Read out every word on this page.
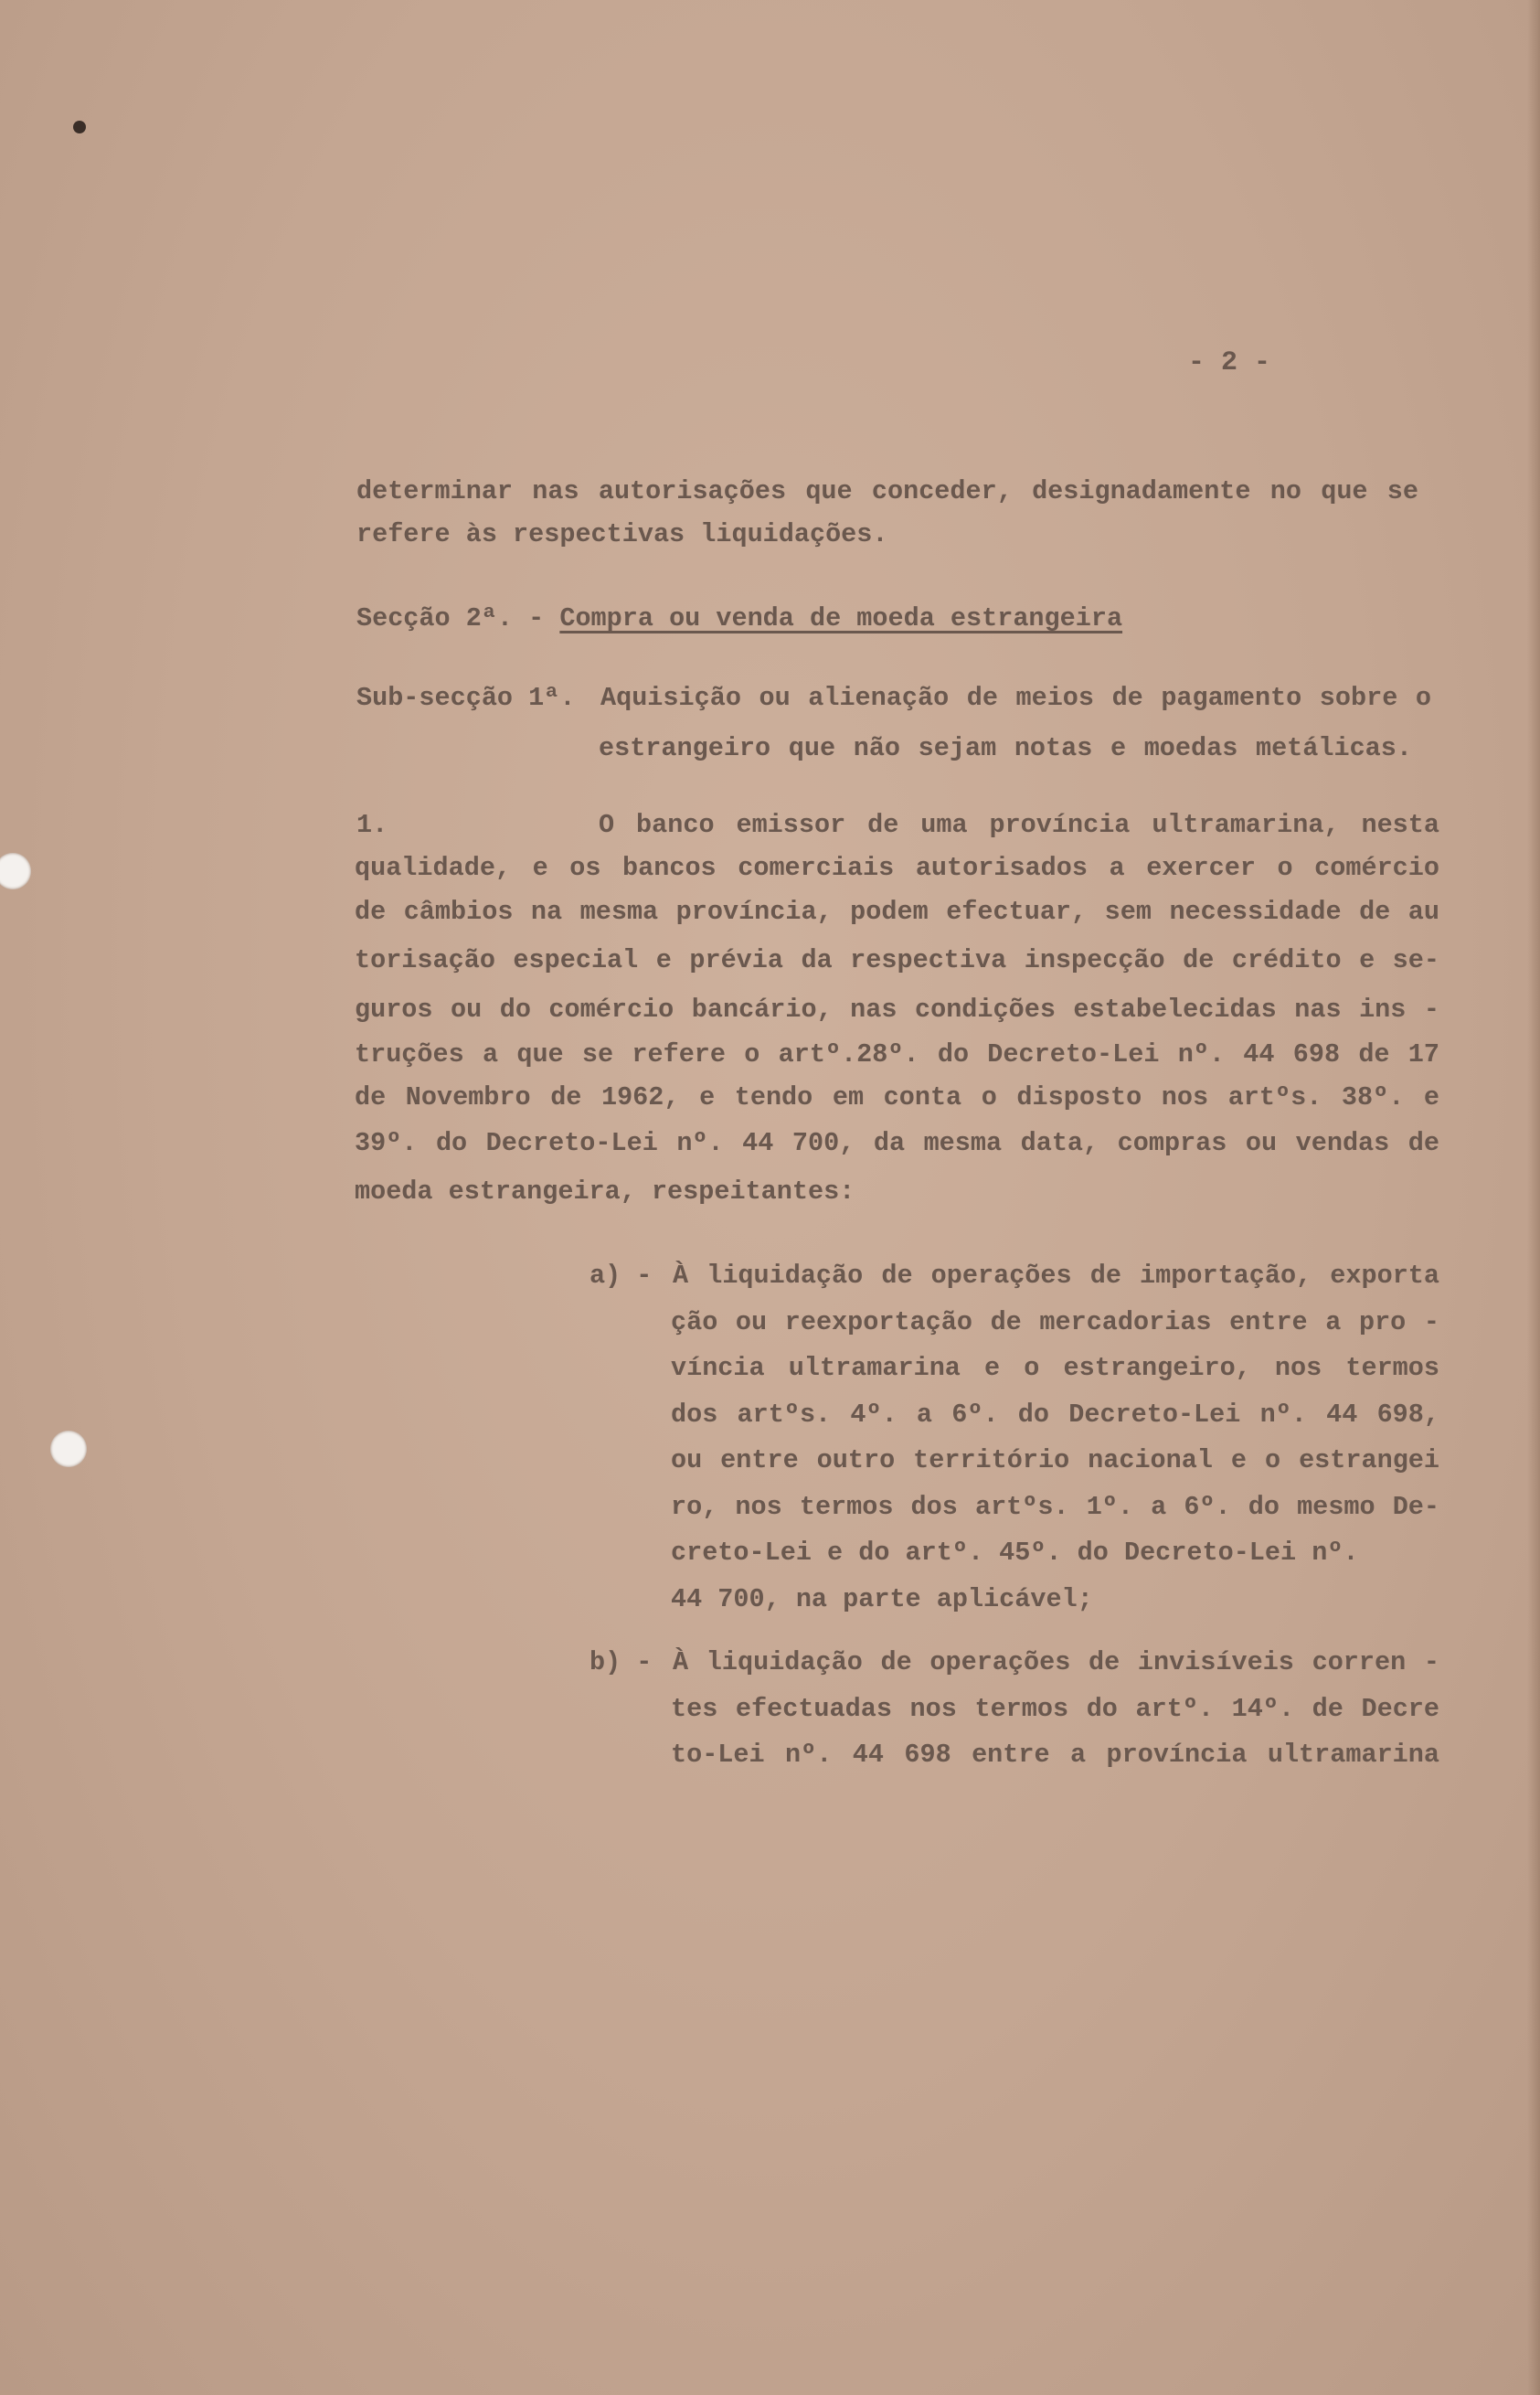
- 2 -
determinar nas autorisações que conceder, designadamente no que se
refere às respectivas liquidações.
Aquisição ou alienação de meios de pagamento sobre o
estrangeiro que não sejam notas e moedas metálicas.
O banco emissor de uma província ultramarina, nesta
qualidade, e os bancos comerciais autorisados a exercer o comércio
de câmbios na mesma província, podem efectuar, sem necessidade de au
torisação especial e prévia da respectiva inspecção de crédito e se-
guros ou do comércio bancário, nas condições estabelecidas nas ins -
truções a que se refere o artº.28º. do Decreto-Lei nº. 44 698 de 17
de Novembro de 1962, e tendo em conta o disposto nos artºs. 38º. e
39º. do Decreto-Lei nº. 44 700, da mesma data, compras ou vendas de
moeda estrangeira, respeitantes:
a) - À liquidação de operações de importação, exporta
ção ou reexportação de mercadorias entre a pro -
víncia ultramarina e o estrangeiro, nos termos
dos artºs. 4º. a 6º. do Decreto-Lei nº. 44 698,
ou entre outro território nacional e o estrangei
ro, nos termos dos artºs. 1º. a 6º. do mesmo De-
creto-Lei e do artº. 45º. do Decreto-Lei nº.
44 700, na parte aplicável;
b) - À liquidação de operações de invisíveis corren -
tes efectuadas nos termos do artº. 14º. de Decre
to-Lei nº. 44 698 entre a província ultramarina
Secção 2ª. - Compra ou venda de moeda estrangeira
Sub-secção 1ª.
1.
